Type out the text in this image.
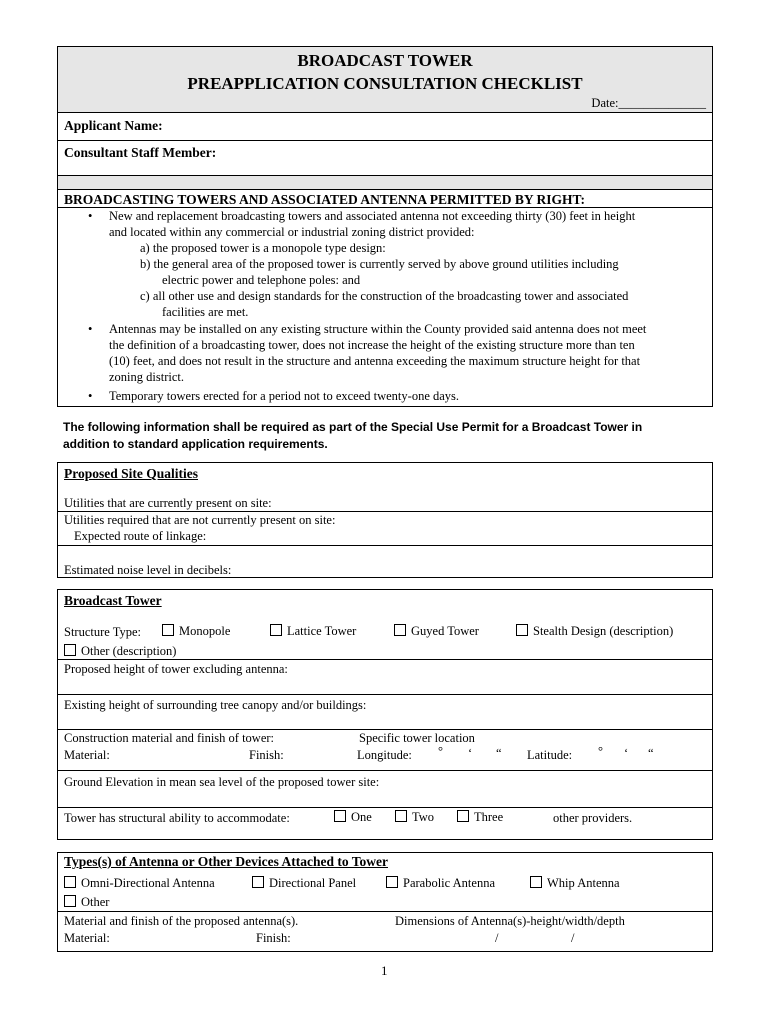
BROADCAST TOWER
PREAPPLICATION CONSULTATION CHECKLIST
Date:______________
Applicant Name:
Consultant Staff Member:
BROADCASTING TOWERS AND ASSOCIATED ANTENNA PERMITTED BY RIGHT:
• New and replacement broadcasting towers and associated antenna not exceeding thirty (30) feet in height
and located within any commercial or industrial zoning district provided:
a) the proposed tower is a monopole type design:
b) the general area of the proposed tower is currently served by above ground utilities including
electric power and telephone poles: and
c) all other use and design standards for the construction of the broadcasting tower and associated
facilities are met.
• Antennas may be installed on any existing structure within the County provided said antenna does not meet
the definition of a broadcasting tower, does not increase the height of the existing structure more than ten
(10) feet, and does not result in the structure and antenna exceeding the maximum structure height for that
zoning district.
• Temporary towers erected for a period not to exceed twenty-one days.
The following information shall be required as part of the Special Use Permit for a Broadcast Tower in
addition to standard application requirements.
Proposed Site Qualities
Utilities that are currently present on site:
Utilities required that are not currently present on site:
Expected route of linkage:
Estimated noise level in decibels:
Broadcast Tower
Structure Type:	Monopole	Lattice Tower	Guyed Tower	Stealth Design (description)
Other (description)
Proposed height of tower excluding antenna:
Existing height of surrounding tree canopy and/or buildings:
Construction material and finish of tower:	Specific tower location
Material:	Finish:	Longitude: ° ‘ “ Latitude: ° ‘ “
Ground Elevation in mean sea level of the proposed tower site:
Tower has structural ability to accommodate:	One	Two	Three	other providers.
Types(s) of Antenna or Other Devices Attached to Tower
Omni-Directional Antenna	Directional Panel	Parabolic Antenna	Whip Antenna
Other
Material and finish of the proposed antenna(s).	Dimensions of Antenna(s)-height/width/depth
Material:	Finish:	/	/
1
